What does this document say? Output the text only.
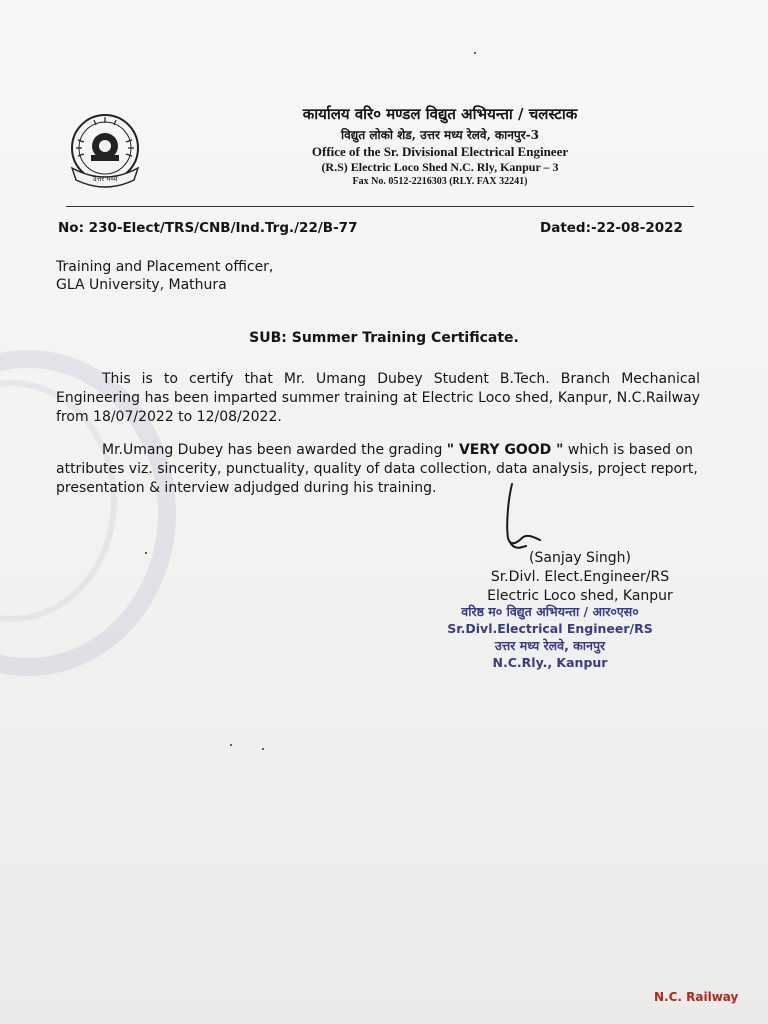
उत्तर मध्य
कार्यालय वरि० मण्डल विद्युत अभियन्ता / चलस्टाक
विद्युत लोको शेड, उत्तर मध्य रेलवे, कानपुर-3
Office of the Sr. Divisional Electrical Engineer
(R.S) Electric Loco Shed N.C. Rly, Kanpur – 3
Fax No. 0512-2216303 (RLY. FAX 32241)
No: 230-Elect/TRS/CNB/Ind.Trg./22/B-77	Dated:-22-08-2022
Training and Placement officer,
GLA University, Mathura
SUB: Summer Training Certificate.
This is to certify that Mr. Umang Dubey Student B.Tech. Branch Mechanical Engineering has been imparted summer training at Electric Loco shed, Kanpur, N.C.Railway from 18/07/2022 to 12/08/2022.
Mr.Umang Dubey has been awarded the grading " VERY GOOD " which is based on attributes viz. sincerity, punctuality, quality of data collection, data analysis, project report, presentation & interview adjudged during his training.
(Sanjay Singh)
Sr.Divl. Elect.Engineer/RS
Electric Loco shed, Kanpur
वरिष्ठ म० विद्युत अभियन्ता / आर०एस०
Sr.Divl.Electrical Engineer/RS
उत्तर मध्य रेलवे, कानपुर
N.C.Rly., Kanpur
N.C. Railway
